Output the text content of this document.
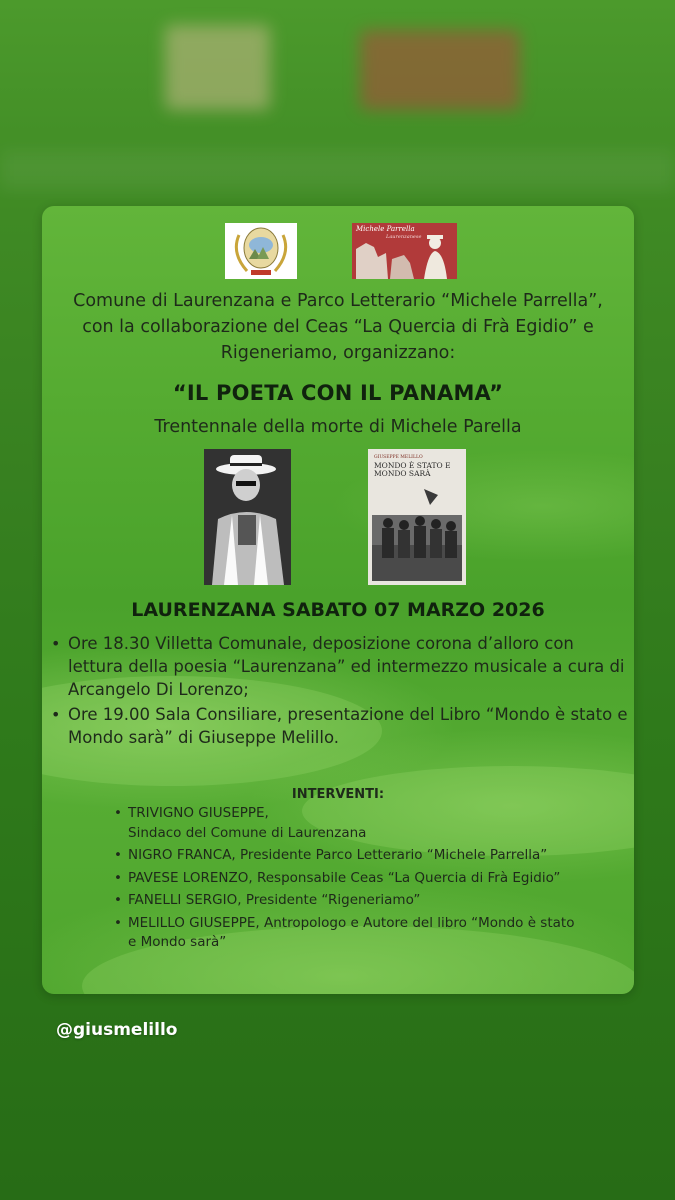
Michele Parrella
Laurenzanese
Comune di Laurenzana e Parco Letterario “Michele Parrella”, con la collaborazione del Ceas “La Quercia di Frà Egidio” e Rigeneriamo, organizzano:
“IL POETA CON IL PANAMA”
Trentennale della morte di Michele Parella
GIUSEPPE MELILLO
MONDO È STATO E MONDO SARÀ
LAURENZANA SABATO 07 MARZO 2026
• Ore 18.30 Villetta Comunale, deposizione corona d’alloro con lettura della poesia “Laurenzana” ed intermezzo musicale a cura di Arcangelo Di Lorenzo;
• Ore 19.00 Sala Consiliare, presentazione del Libro “Mondo è stato e Mondo sarà” di Giuseppe Melillo.
INTERVENTI:
• TRIVIGNO GIUSEPPE,
Sindaco del Comune di Laurenzana
• NIGRO FRANCA, Presidente Parco Letterario “Michele Parrella”
• PAVESE LORENZO, Responsabile Ceas “La Quercia di Frà Egidio”
• FANELLI SERGIO, Presidente “Rigeneriamo”
• MELILLO GIUSEPPE, Antropologo e Autore del libro “Mondo è stato e Mondo sarà”
@giusmelillo
